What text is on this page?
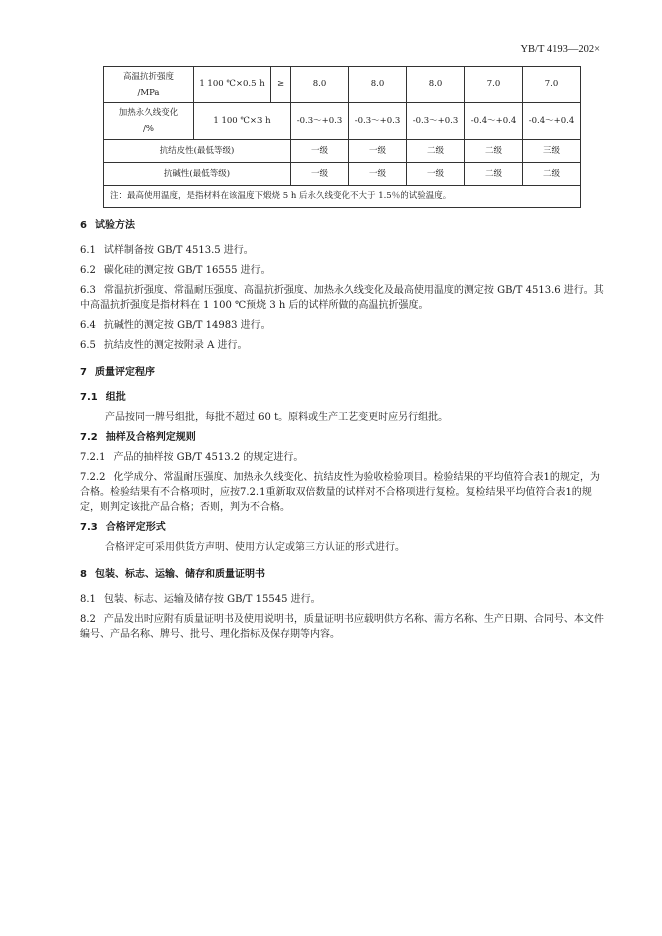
YB/T 4193—202×
高温抗折强度
/MPa	1 100 ℃×0.5 h	≥	8.0	8.0	8.0	7.0	7.0
加热永久线变化
/%	1 100 ℃×3 h		-0.3～+0.3	-0.3～+0.3	-0.3～+0.3	-0.4～+0.4	-0.4～+0.4
抗结皮性(最低等级)			一级	一级	二级	二级	三级
抗碱性(最低等级)			一级	一级	一级	二级	二级
注：最高使用温度，是指材料在该温度下煅烧 5 h 后永久线变化不大于 1.5％的试验温度。							
6 试验方法
6.1 试样制备按 GB/T 4513.5 进行。
6.2 碳化硅的测定按 GB/T 16555 进行。
6.3 常温抗折强度、常温耐压强度、高温抗折强度、加热永久线变化及最高使用温度的测定按 GB/T 4513.6 进行。其中高温抗折强度是指材料在 1 100 ℃预烧 3 h 后的试样所做的高温抗折强度。
6.4 抗碱性的测定按 GB/T 14983 进行。
6.5 抗结皮性的测定按附录 A 进行。
7 质量评定程序
7.1 组批
产品按同一牌号组批，每批不超过 60 t。原料或生产工艺变更时应另行组批。
7.2 抽样及合格判定规则
7.2.1 产品的抽样按 GB/T 4513.2 的规定进行。
7.2.2 化学成分、常温耐压强度、加热永久线变化、抗结皮性为验收检验项目。检验结果的平均值符合表1的规定，为合格。检验结果有不合格项时，应按7.2.1重新取双倍数量的试样对不合格项进行复检。复检结果平均值符合表1的规定，则判定该批产品合格；否则，判为不合格。
7.3 合格评定形式
合格评定可采用供货方声明、使用方认定或第三方认证的形式进行。
8 包装、标志、运输、储存和质量证明书
8.1 包装、标志、运输及储存按 GB/T 15545 进行。
8.2 产品发出时应附有质量证明书及使用说明书，质量证明书应载明供方名称、需方名称、生产日期、合同号、本文件编号、产品名称、牌号、批号、理化指标及保存期等内容。
